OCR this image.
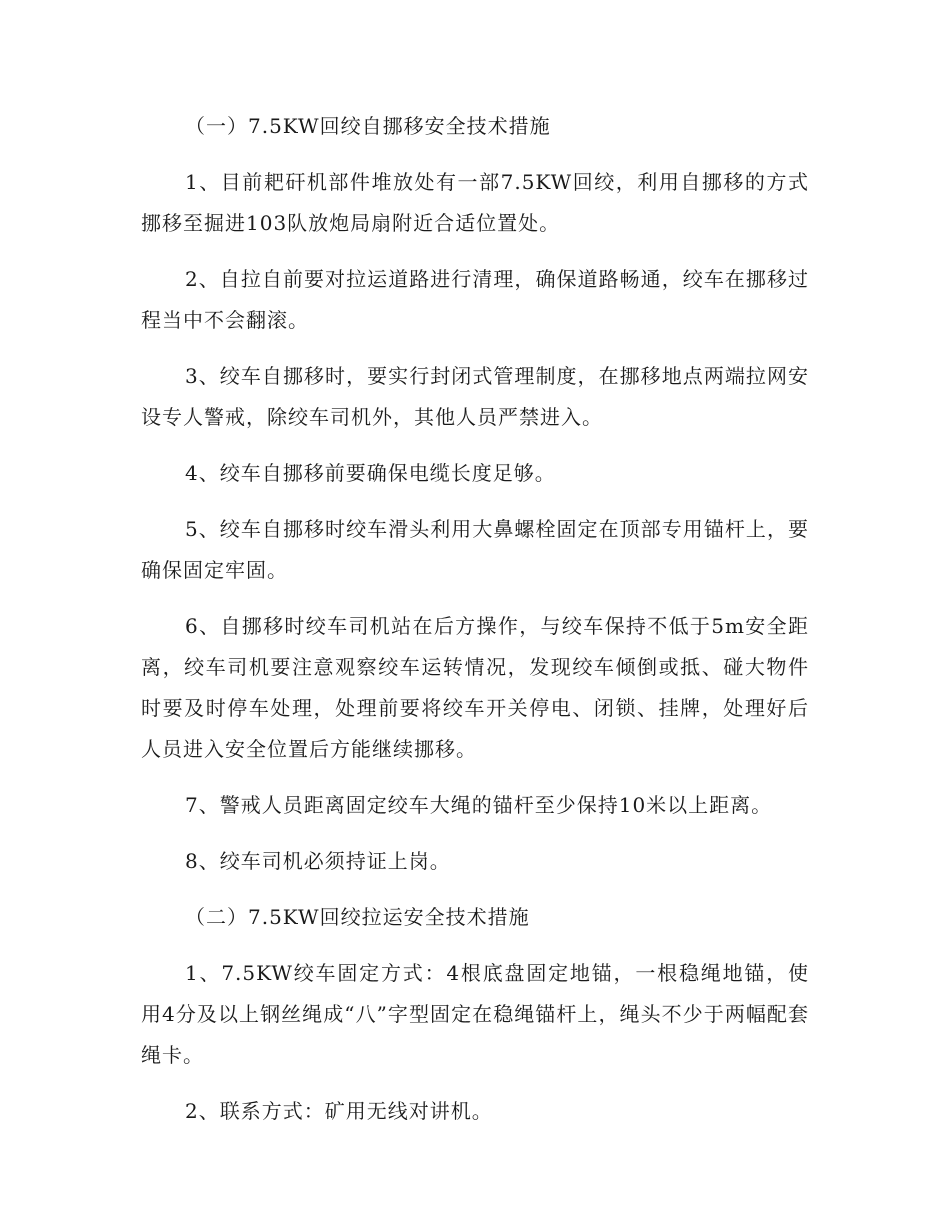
（一）7.5KW回绞自挪移安全技术措施

1、目前耙矸机部件堆放处有一部7.5KW回绞，利用自挪移的方式挪移至掘进103队放炮局扇附近合适位置处。

2、自拉自前要对拉运道路进行清理，确保道路畅通，绞车在挪移过程当中不会翻滚。

3、绞车自挪移时，要实行封闭式管理制度，在挪移地点两端拉网安设专人警戒，除绞车司机外，其他人员严禁进入。

4、绞车自挪移前要确保电缆长度足够。

5、绞车自挪移时绞车滑头利用大鼻螺栓固定在顶部专用锚杆上，要确保固定牢固。

6、自挪移时绞车司机站在后方操作，与绞车保持不低于5m安全距离，绞车司机要注意观察绞车运转情况，发现绞车倾倒或抵、碰大物件时要及时停车处理，处理前要将绞车开关停电、闭锁、挂牌，处理好后人员进入安全位置后方能继续挪移。

7、警戒人员距离固定绞车大绳的锚杆至少保持10米以上距离。

8、绞车司机必须持证上岗。

（二）7.5KW回绞拉运安全技术措施

1、7.5KW绞车固定方式：4根底盘固定地锚，一根稳绳地锚，使用4分及以上钢丝绳成“八”字型固定在稳绳锚杆上，绳头不少于两幅配套绳卡。

2、联系方式：矿用无线对讲机。
